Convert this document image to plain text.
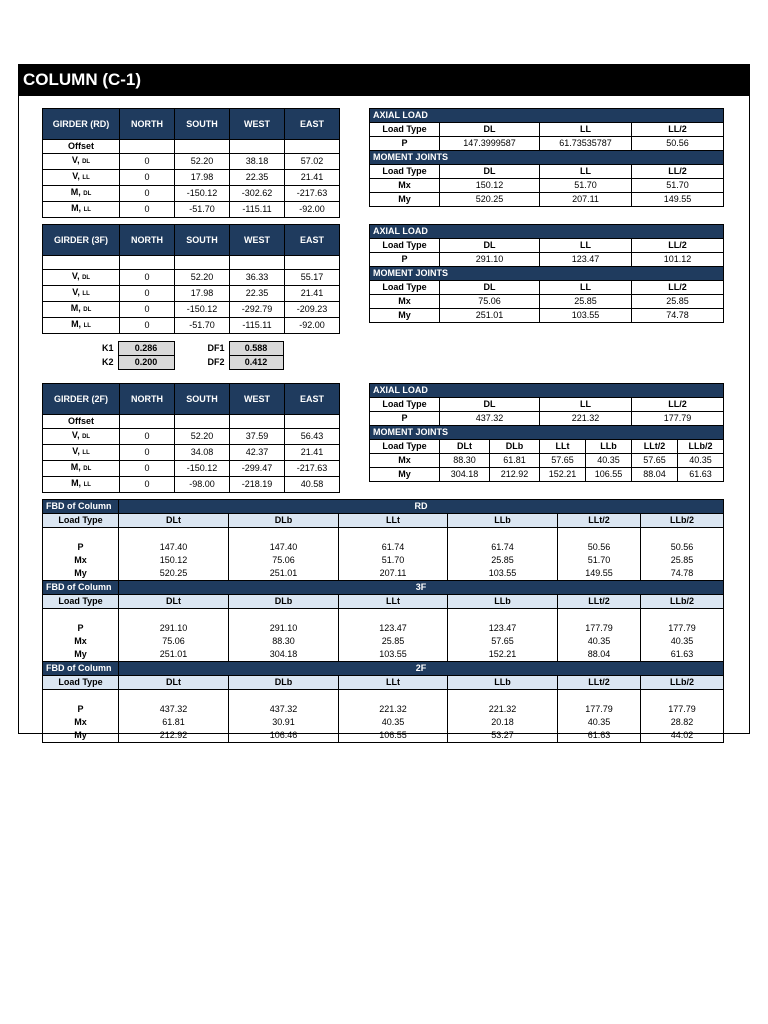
COLUMN (C-1)
GIRDER (RD)	NORTH	SOUTH	WEST	EAST
Offset				
V, DL	0	52.20	38.18	57.02
V, LL	0	17.98	22.35	21.41
M, DL	0	-150.12	-302.62	-217.63
M, LL	0	-51.70	-115.11	-92.00
AXIAL LOAD			
Load Type	DL	LL	LL/2
P	147.3999587	61.73535787	50.56
MOMENT JOINTS			
Load Type	DL	LL	LL/2
Mx	150.12	51.70	51.70
My	520.25	207.11	149.55
GIRDER (3F)	NORTH	SOUTH	WEST	EAST

V, DL	0	52.20	36.33	55.17
V, LL	0	17.98	22.35	21.41
M, DL	0	-150.12	-292.79	-209.23
M, LL	0	-51.70	-115.11	-92.00
AXIAL LOAD			
Load Type	DL	LL	LL/2
P	291.10	123.47	101.12
MOMENT JOINTS			
Load Type	DL	LL	LL/2
Mx	75.06	25.85	25.85
My	251.01	103.55	74.78
K1	0.286
K2	0.200
DF1	0.588
DF2	0.412
GIRDER (2F)	NORTH	SOUTH	WEST	EAST
Offset				
V, DL	0	52.20	37.59	56.43
V, LL	0	34.08	42.37	21.41
M, DL	0	-150.12	-299.47	-217.63
M, LL	0	-98.00	-218.19	40.58
AXIAL LOAD						
Load Type	DL		LL		LL/2	
P	437.32		221.32		177.79	
MOMENT JOINTS						
Load Type	DLt	DLb	LLt	LLb	LLt/2	LLb/2
Mx	88.30	61.81	57.65	40.35	57.65	40.35
My	304.18	212.92	152.21	106.55	88.04	61.63
FBD of Column	RD					
Load Type	DLt	DLb	LLt	LLb	LLt/2	LLb/2

P	147.40	147.40	61.74	61.74	50.56	50.56
Mx	150.12	75.06	51.70	25.85	51.70	25.85
My	520.25	251.01	207.11	103.55	149.55	74.78
FBD of Column	3F					
Load Type	DLt	DLb	LLt	LLb	LLt/2	LLb/2

P	291.10	291.10	123.47	123.47	177.79	177.79
Mx	75.06	88.30	25.85	57.65	40.35	40.35
My	251.01	304.18	103.55	152.21	88.04	61.63
FBD of Column	2F					
Load Type	DLt	DLb	LLt	LLb	LLt/2	LLb/2

P	437.32	437.32	221.32	221.32	177.79	177.79
Mx	61.81	30.91	40.35	20.18	40.35	28.82
My	212.92	106.46	106.55	53.27	61.63	44.02
